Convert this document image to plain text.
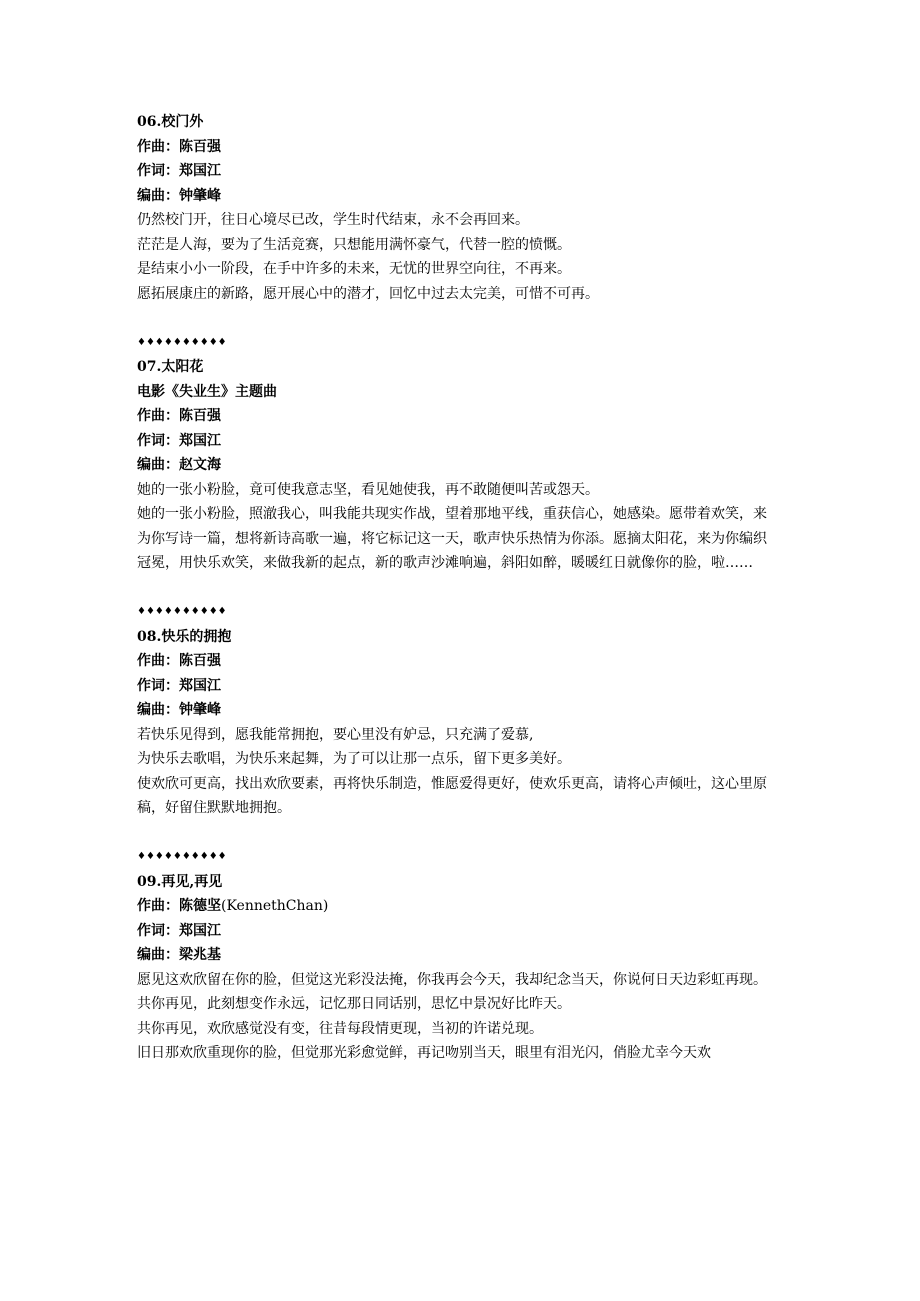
06.校门外
作曲：陈百强
作词：郑国江
编曲：钟肇峰
仍然校门开，往日心境尽已改，学生时代结束，永不会再回来。
茫茫是人海，要为了生活竞赛，只想能用满怀豪气，代替一腔的愤慨。
是结束小小一阶段，在手中许多的未来，无忧的世界空向往，不再来。
愿拓展康庄的新路，愿开展心中的潜才，回忆中过去太完美，可惜不可再。
♦♦♦♦♦♦♦♦♦♦
07.太阳花
电影《失业生》主题曲
作曲：陈百强
作词：郑国江
编曲：赵文海
她的一张小粉脸，竟可使我意志坚，看见她使我，再不敢随便叫苦或怨天。
她的一张小粉脸，照澈我心，叫我能共现实作战，望着那地平线，重获信心，她感染。愿带着欢笑，来为你写诗一篇，想将新诗高歌一遍，将它标记这一天，歌声快乐热情为你添。愿摘太阳花，来为你编织冠冕，用快乐欢笑，来做我新的起点，新的歌声沙滩响遍，斜阳如醉，暖暖红日就像你的脸，啦……
♦♦♦♦♦♦♦♦♦♦
08.快乐的拥抱
作曲：陈百强
作词：郑国江
编曲：钟肇峰
若快乐见得到，愿我能常拥抱，要心里没有妒忌，只充满了爱慕,
为快乐去歌唱，为快乐来起舞，为了可以让那一点乐，留下更多美好。
使欢欣可更高，找出欢欣要素，再将快乐制造，惟愿爱得更好，使欢乐更高，请将心声倾吐，这心里原稿，好留住默默地拥抱。
♦♦♦♦♦♦♦♦♦♦
09.再见,再见
作曲：陈德坚(KennethChan)
作词：郑国江
编曲：梁兆基
愿见这欢欣留在你的脸，但觉这光彩没法掩，你我再会今天，我却纪念当天，你说何日天边彩虹再现。
共你再见，此刻想变作永远，记忆那日同话别，思忆中景况好比昨天。
共你再见，欢欣感觉没有变，往昔每段情更现，当初的许诺兑现。
旧日那欢欣重现你的脸，但觉那光彩愈觉鲜，再记吻别当天，眼里有泪光闪，俏脸尤幸今天欢
